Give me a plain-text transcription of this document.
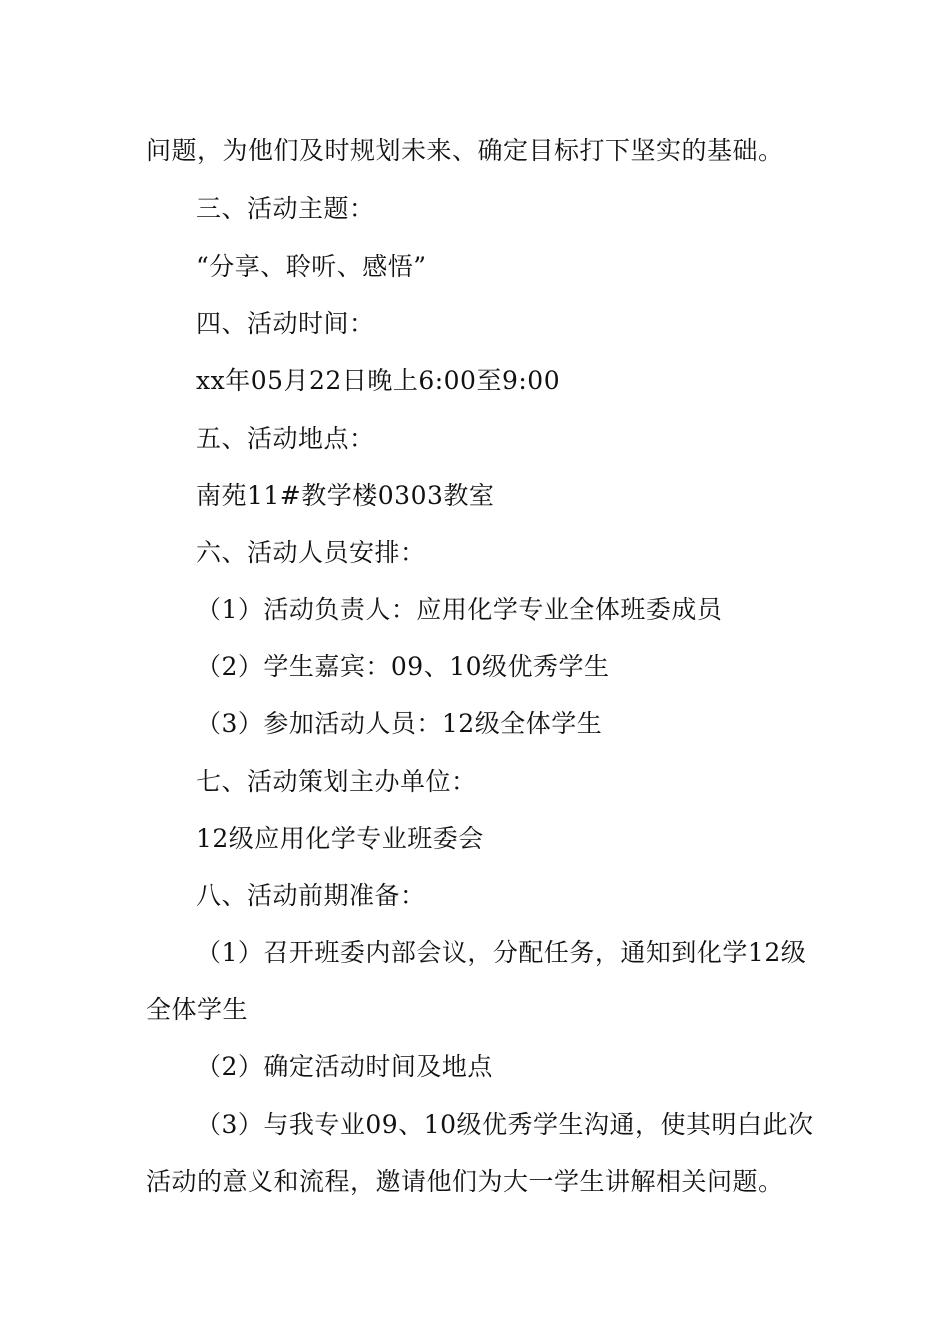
问题，为他们及时规划未来、确定目标打下坚实的基础。
三、活动主题：
“分享、聆听、感悟”
四、活动时间：
xx年05月22日晚上6:00至9:00
五、活动地点：
南苑11#教学楼0303教室
六、活动人员安排：
（1）活动负责人：应用化学专业全体班委成员
（2）学生嘉宾：09、10级优秀学生
（3）参加活动人员：12级全体学生
七、活动策划主办单位：
12级应用化学专业班委会
八、活动前期准备：
（1）召开班委内部会议，分配任务，通知到化学12级
全体学生
（2）确定活动时间及地点
（3）与我专业09、10级优秀学生沟通，使其明白此次
活动的意义和流程，邀请他们为大一学生讲解相关问题。
